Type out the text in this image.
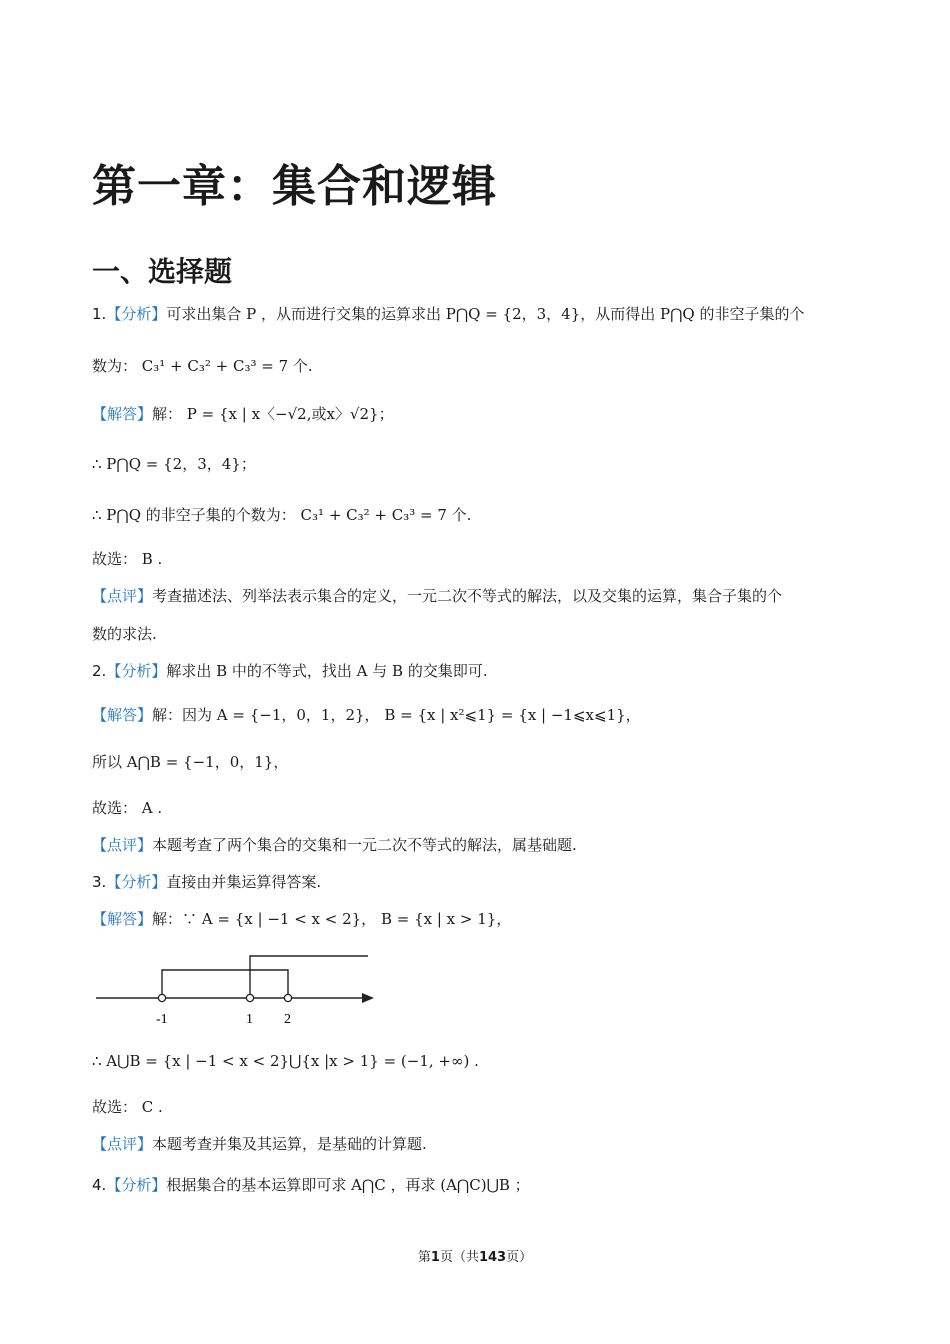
第一章：集合和逻辑
一、选择题
1.【分析】可求出集合 P ，从而进行交集的运算求出 P⋂Q = {2，3，4}，从而得出 P⋂Q 的非空子集的个
数为： C₃¹ + C₃² + C₃³ = 7 个.
【解答】解： P = {x | x〈−√2,或x〉√2}；
∴ P⋂Q = {2，3，4}；
∴ P⋂Q 的非空子集的个数为： C₃¹ + C₃² + C₃³ = 7 个.
故选： B .
【点评】考查描述法、列举法表示集合的定义，一元二次不等式的解法，以及交集的运算，集合子集的个
数的求法.
2.【分析】解求出 B 中的不等式，找出 A 与 B 的交集即可.
【解答】解：因为 A = {−1，0，1，2}， B = {x | x²⩽1} = {x | −1⩽x⩽1}，
所以 A⋂B = {−1，0，1}，
故选： A .
【点评】本题考查了两个集合的交集和一元二次不等式的解法，属基础题.
3.【分析】直接由并集运算得答案.
【解答】解：∵ A = {x | −1 < x < 2}， B = {x | x > 1}，
-1	1 2
∴ A⋃B = {x | −1 < x < 2}⋃{x |x > 1} = (−1, +∞) .
故选： C .
【点评】本题考查并集及其运算，是基础的计算题.
4.【分析】根据集合的基本运算即可求 A⋂C ，再求 (A⋂C)⋃B ；
第1页（共143页）
